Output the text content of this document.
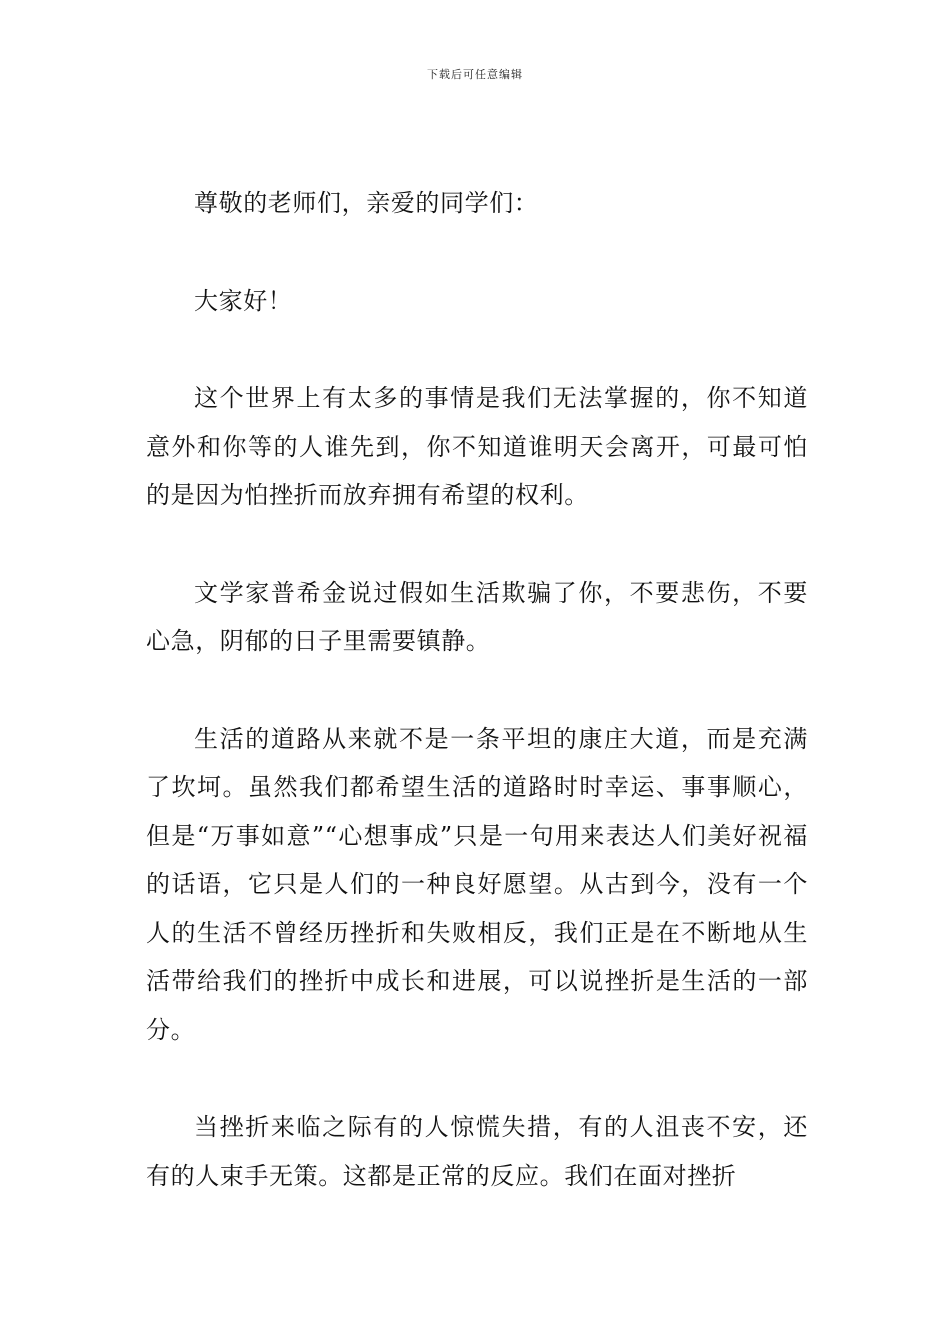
下载后可任意编辑

尊敬的老师们，亲爱的同学们：

大家好！

这个世界上有太多的事情是我们无法掌握的，你不知道意外和你等的人谁先到，你不知道谁明天会离开，可最可怕的是因为怕挫折而放弃拥有希望的权利。

文学家普希金说过假如生活欺骗了你，不要悲伤，不要心急，阴郁的日子里需要镇静。

生活的道路从来就不是一条平坦的康庄大道，而是充满了坎坷。虽然我们都希望生活的道路时时幸运、事事顺心，但是“万事如意”“心想事成”只是一句用来表达人们美好祝福的话语，它只是人们的一种良好愿望。从古到今，没有一个人的生活不曾经历挫折和失败相反，我们正是在不断地从生活带给我们的挫折中成长和进展，可以说挫折是生活的一部分。

当挫折来临之际有的人惊慌失措，有的人沮丧不安，还有的人束手无策。这都是正常的反应。我们在面对挫折
